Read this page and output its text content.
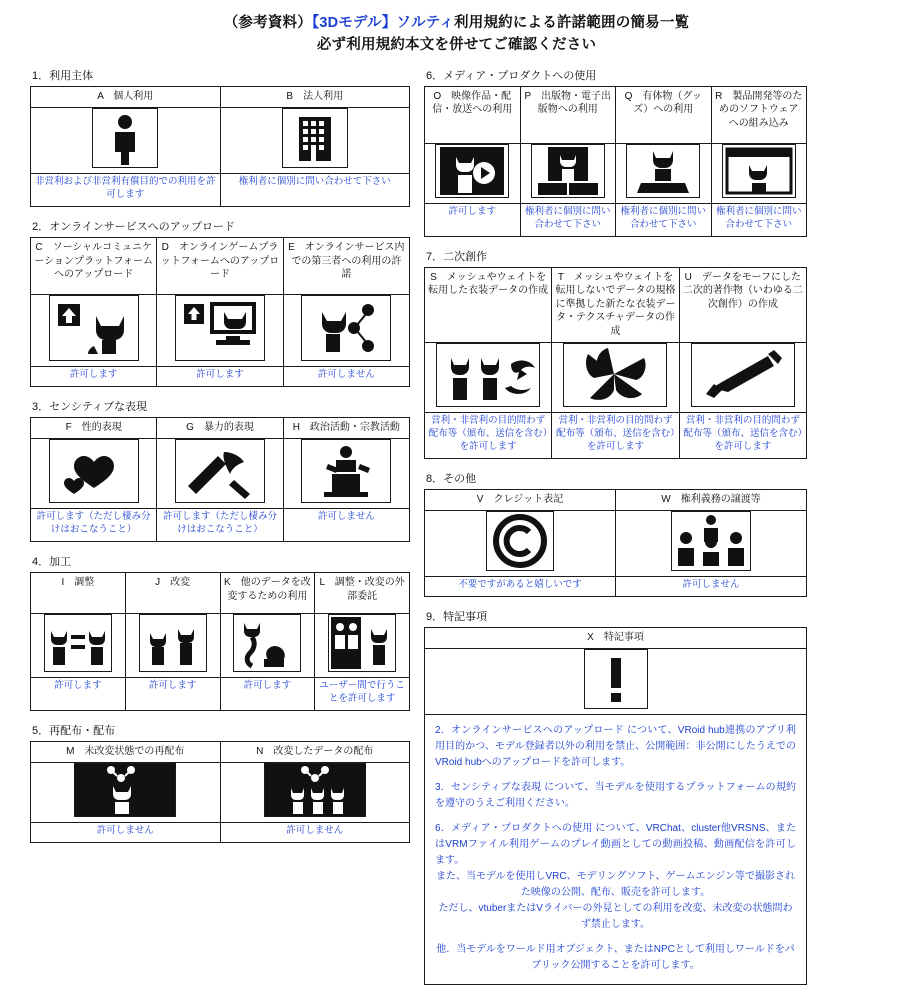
（参考資料）【3Dモデル】ソルティ利用規約による許諾範囲の簡易一覧
必ず利用規約本文を併せてご確認ください
1．利用主体
A　個人利用	B　法人利用

非営利および非営利有償目的での利用を許可します	権利者に個別に問い合わせて下さい
2．オンラインサービスへのアップロード
C　ソーシャルコミュニケーションプラットフォームへのアップロード	D　オンラインゲームプラットフォームへのアップロード	E　オンラインサービス内での第三者への利用の許諾

許可します	許可します	許可しません
3．センシティブな表現
F　性的表現	G　暴力的表現	H　政治活動・宗教活動

許可します（ただし棲み分けはおこなうこと）	許可します（ただし棲み分けはおこなうこと）	許可しません
4．加工
I　調整	J　改変	K　他のデータを改変するための利用	L　調整・改変の外部委託

許可します	許可します	許可します	ユーザー間で行うことを許可します
5．再配布・配布
M　未改変状態での再配布	N　改変したデータの配布

許可しません	許可しません
6．メディア・プロダクトへの使用
O　映像作品・配信・放送への利用	P　出版物・電子出版物への利用	Q　有体物（グッズ）への利用	R　製品開発等のためのソフトウェアへの組み込み

許可します	権利者に個別に問い合わせて下さい	権利者に個別に問い合わせて下さい	権利者に個別に問い合わせて下さい
7．二次創作
S　メッシュやウェイトを転用した衣装データの作成	T　メッシュやウェイトを転用しないでデータの規格に準拠した新たな衣装データ・テクスチャデータの作成	U　データをモーフにした二次的著作物（いわゆる二次創作）の作成

営利・非営利の目的問わず配布等（頒布、送信を含む）を許可します	営利・非営利の目的問わず配布等（頒布、送信を含む）を許可します	営利・非営利の目的問わず配布等（頒布、送信を含む）を許可します
8．その他
V　クレジット表記	W　権利義務の譲渡等

不要ですがあると嬉しいです	許可しません
9．特記事項
X　特記事項

2．オンラインサービスへのアップロード について、VRoid hub連携のアプリ利用目的かつ、モデル登録者以外の利用を禁止、公開範囲：非公開にしたうえでのVRoid hubへのアップロードを許可します。

3．センシティブな表現 について、当モデルを使用するプラットフォームの規約を遵守のうえご利用ください。

6．メディア・プロダクトへの使用 について、VRChat、cluster他VRSNS、またはVRMファイル利用ゲームのプレイ動画としての動画投稿、動画配信を許可します。

また、当モデルを使用しVRC、モデリングソフト、ゲームエンジン等で撮影された映像の公開、配布、販売を許可します。

ただし、vtuberまたはVライバーの外見としての利用を改変、未改変の状態問わず禁止します。

他．当モデルをワールド用オブジェクト、またはNPCとして利用しワールドをパブリック公開することを許可します。
